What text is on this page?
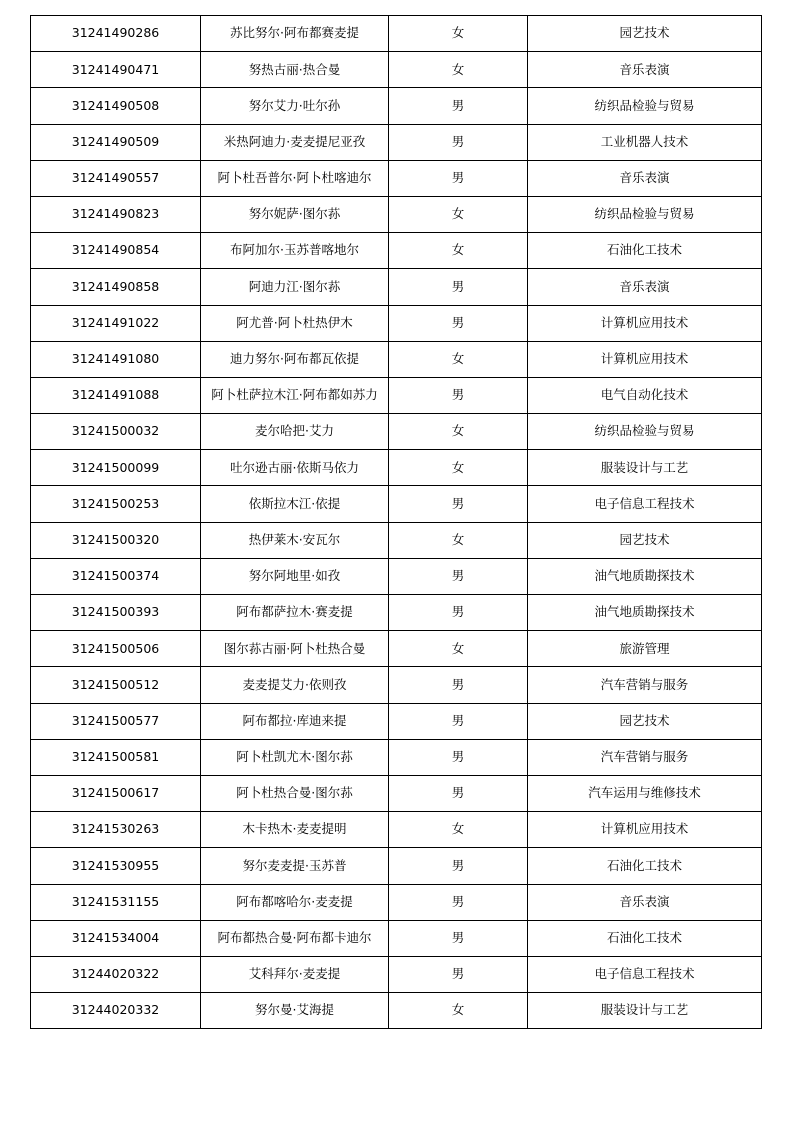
31241490286	苏比努尔·阿布都赛麦提	女	园艺技术
31241490471	努热古丽·热合曼	女	音乐表演
31241490508	努尔艾力·吐尔孙	男	纺织品检验与贸易
31241490509	米热阿迪力·麦麦提尼亚孜	男	工业机器人技术
31241490557	阿卜杜吾普尔·阿卜杜喀迪尔	男	音乐表演
31241490823	努尔妮萨·图尔荪	女	纺织品检验与贸易
31241490854	布阿加尔·玉苏普喀地尔	女	石油化工技术
31241490858	阿迪力江·图尔荪	男	音乐表演
31241491022	阿尤普·阿卜杜热伊木	男	计算机应用技术
31241491080	迪力努尔·阿布都瓦依提	女	计算机应用技术
31241491088	阿卜杜萨拉木江·阿布都如苏力	男	电气自动化技术
31241500032	麦尔哈把·艾力	女	纺织品检验与贸易
31241500099	吐尔逊古丽·依斯马依力	女	服装设计与工艺
31241500253	依斯拉木江·依提	男	电子信息工程技术
31241500320	热伊莱木·安瓦尔	女	园艺技术
31241500374	努尔阿地里·如孜	男	油气地质勘探技术
31241500393	阿布都萨拉木·赛麦提	男	油气地质勘探技术
31241500506	图尔荪古丽·阿卜杜热合曼	女	旅游管理
31241500512	麦麦提艾力·依则孜	男	汽车营销与服务
31241500577	阿布都拉·库迪来提	男	园艺技术
31241500581	阿卜杜凯尤木·图尔荪	男	汽车营销与服务
31241500617	阿卜杜热合曼·图尔荪	男	汽车运用与维修技术
31241530263	木卡热木·麦麦提明	女	计算机应用技术
31241530955	努尔麦麦提·玉苏普	男	石油化工技术
31241531155	阿布都喀哈尔·麦麦提	男	音乐表演
31241534004	阿布都热合曼·阿布都卡迪尔	男	石油化工技术
31244020322	艾科拜尔·麦麦提	男	电子信息工程技术
31244020332	努尔曼·艾海提	女	服装设计与工艺
